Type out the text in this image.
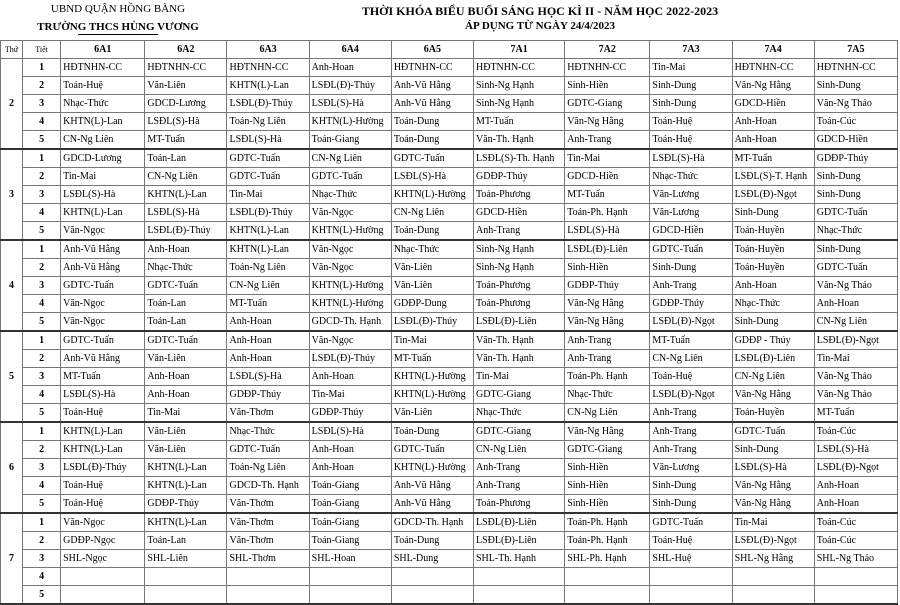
UBND QUẬN HỒNG BÀNG
TRƯỜNG THCS HÙNG VƯƠNG
THỜI KHÓA BIỂU BUỔI SÁNG HỌC KÌ II - NĂM HỌC 2022-2023
ÁP DỤNG TỪ NGÀY 24/4/2023
Thứ	Tiết	6A1	6A2	6A3	6A4	6A5	7A1	7A2	7A3	7A4	7A5
2	1	HĐTNHN-CC	HĐTNHN-CC	HĐTNHN-CC	Anh-Hoan	HĐTNHN-CC	HĐTNHN-CC	HĐTNHN-CC	Tin-Mai	HĐTNHN-CC	HĐTNHN-CC
	2	Toán-Huệ	Văn-Liên	KHTN(L)-Lan	LSĐL(Đ)-Thúy	Anh-Vũ Hằng	Sinh-Ng Hạnh	Sinh-Hiền	Sinh-Dung	Văn-Ng Hằng	Sinh-Dung
	3	Nhạc-Thức	GDCD-Lương	LSĐL(Đ)-Thúy	LSĐL(S)-Hà	Anh-Vũ Hằng	Sinh-Ng Hạnh	GDTC-Giang	Sinh-Dung	GDCD-Hiền	Văn-Ng Thảo
	4	KHTN(L)-Lan	LSĐL(S)-Hà	Toán-Ng Liên	KHTN(L)-Hường	Toán-Dung	MT-Tuấn	Văn-Ng Hằng	Toán-Huệ	Anh-Hoan	Toán-Cúc
	5	CN-Ng Liên	MT-Tuấn	LSĐL(S)-Hà	Toán-Giang	Toán-Dung	Văn-Th. Hạnh	Anh-Trang	Toán-Huệ	Anh-Hoan	GDCD-Hiền
3	1	GDCD-Lương	Toán-Lan	GDTC-Tuấn	CN-Ng Liên	GDTC-Tuấn	LSĐL(S)-Th. Hạnh	Tin-Mai	LSĐL(S)-Hà	MT-Tuấn	GDĐP-Thúy
	2	Tin-Mai	CN-Ng Liên	GDTC-Tuấn	GDTC-Tuấn	LSĐL(S)-Hà	GDĐP-Thúy	GDCD-Hiền	Nhạc-Thức	LSĐL(S)-T. Hạnh	Sinh-Dung
	3	LSĐL(S)-Hà	KHTN(L)-Lan	Tin-Mai	Nhạc-Thức	KHTN(L)-Hường	Toán-Phương	MT-Tuấn	Văn-Lương	LSĐL(Đ)-Ngọt	Sinh-Dung
	4	KHTN(L)-Lan	LSĐL(S)-Hà	LSĐL(Đ)-Thúy	Văn-Ngọc	CN-Ng Liên	GDCD-Hiền	Toán-Ph. Hạnh	Văn-Lương	Sinh-Dung	GDTC-Tuấn
	5	Văn-Ngọc	LSĐL(Đ)-Thúy	KHTN(L)-Lan	KHTN(L)-Hường	Toán-Dung	Anh-Trang	LSĐL(S)-Hà	GDCD-Hiền	Toán-Huyền	Nhạc-Thức
4	1	Anh-Vũ Hằng	Anh-Hoan	KHTN(L)-Lan	Văn-Ngọc	Nhạc-Thức	Sinh-Ng Hạnh	LSĐL(Đ)-Liên	GDTC-Tuấn	Toán-Huyền	Sinh-Dung
	2	Anh-Vũ Hằng	Nhạc-Thức	Toán-Ng Liên	Văn-Ngọc	Văn-Liên	Sinh-Ng Hạnh	Sinh-Hiền	Sinh-Dung	Toán-Huyền	GDTC-Tuấn
	3	GDTC-Tuấn	GDTC-Tuấn	CN-Ng Liên	KHTN(L)-Hường	Văn-Liên	Toán-Phương	GDĐP-Thúy	Anh-Trang	Anh-Hoan	Văn-Ng Thảo
	4	Văn-Ngọc	Toán-Lan	MT-Tuấn	KHTN(L)-Hường	GDĐP-Dung	Toán-Phương	Văn-Ng Hằng	GDĐP-Thúy	Nhạc-Thức	Anh-Hoan
	5	Văn-Ngọc	Toán-Lan	Anh-Hoan	GDCD-Th. Hạnh	LSĐL(Đ)-Thúy	LSĐL(Đ)-Liên	Văn-Ng Hằng	LSĐL(Đ)-Ngọt	Sinh-Dung	CN-Ng Liên
5	1	GDTC-Tuấn	GDTC-Tuấn	Anh-Hoan	Văn-Ngọc	Tin-Mai	Văn-Th. Hạnh	Anh-Trang	MT-Tuấn	GDĐP - Thúy	LSĐL(Đ)-Ngọt
	2	Anh-Vũ Hằng	Văn-Liên	Anh-Hoan	LSĐL(Đ)-Thúy	MT-Tuấn	Văn-Th. Hạnh	Anh-Trang	CN-Ng Liên	LSĐL(Đ)-Liên	Tin-Mai
	3	MT-Tuấn	Anh-Hoan	LSĐL(S)-Hà	Anh-Hoan	KHTN(L)-Hường	Tin-Mai	Toán-Ph. Hạnh	Toán-Huệ	CN-Ng Liên	Văn-Ng Thảo
	4	LSĐL(S)-Hà	Anh-Hoan	GDĐP-Thúy	Tin-Mai	KHTN(L)-Hường	GDTC-Giang	Nhạc-Thức	LSĐL(Đ)-Ngọt	Văn-Ng Hằng	Văn-Ng Thảo
	5	Toán-Huệ	Tin-Mai	Văn-Thơm	GDĐP-Thúy	Văn-Liên	Nhạc-Thức	CN-Ng Liên	Anh-Trang	Toán-Huyền	MT-Tuấn
6	1	KHTN(L)-Lan	Văn-Liên	Nhạc-Thức	LSĐL(S)-Hà	Toán-Dung	GDTC-Giang	Văn-Ng Hằng	Anh-Trang	GDTC-Tuấn	Toán-Cúc
	2	KHTN(L)-Lan	Văn-Liên	GDTC-Tuấn	Anh-Hoan	GDTC-Tuấn	CN-Ng Liên	GDTC-Giang	Anh-Trang	Sinh-Dung	LSĐL(S)-Hà
	3	LSĐL(Đ)-Thúy	KHTN(L)-Lan	Toán-Ng Liên	Anh-Hoan	KHTN(L)-Hường	Anh-Trang	Sinh-Hiền	Văn-Lương	LSĐL(S)-Hà	LSĐL(Đ)-Ngọt
	4	Toán-Huệ	KHTN(L)-Lan	GDCD-Th. Hạnh	Toán-Giang	Anh-Vũ Hằng	Anh-Trang	Sinh-Hiền	Sinh-Dung	Văn-Ng Hằng	Anh-Hoan
	5	Toán-Huệ	GDĐP-Thúy	Văn-Thơm	Toán-Giang	Anh-Vũ Hằng	Toán-Phương	Sinh-Hiền	Sinh-Dung	Văn-Ng Hằng	Anh-Hoan
7	1	Văn-Ngọc	KHTN(L)-Lan	Văn-Thơm	Toán-Giang	GDCD-Th. Hạnh	LSĐL(Đ)-Liên	Toán-Ph. Hạnh	GDTC-Tuấn	Tin-Mai	Toán-Cúc
	2	GDĐP-Ngọc	Toán-Lan	Văn-Thơm	Toán-Giang	Toán-Dung	LSĐL(Đ)-Liên	Toán-Ph. Hạnh	Toán-Huệ	LSĐL(Đ)-Ngọt	Toán-Cúc
	3	SHL-Ngọc	SHL-Liên	SHL-Thơm	SHL-Hoan	SHL-Dung	SHL-Th. Hạnh	SHL-Ph. Hạnh	SHL-Huệ	SHL-Ng Hằng	SHL-Ng Thảo
	4										
	5										
